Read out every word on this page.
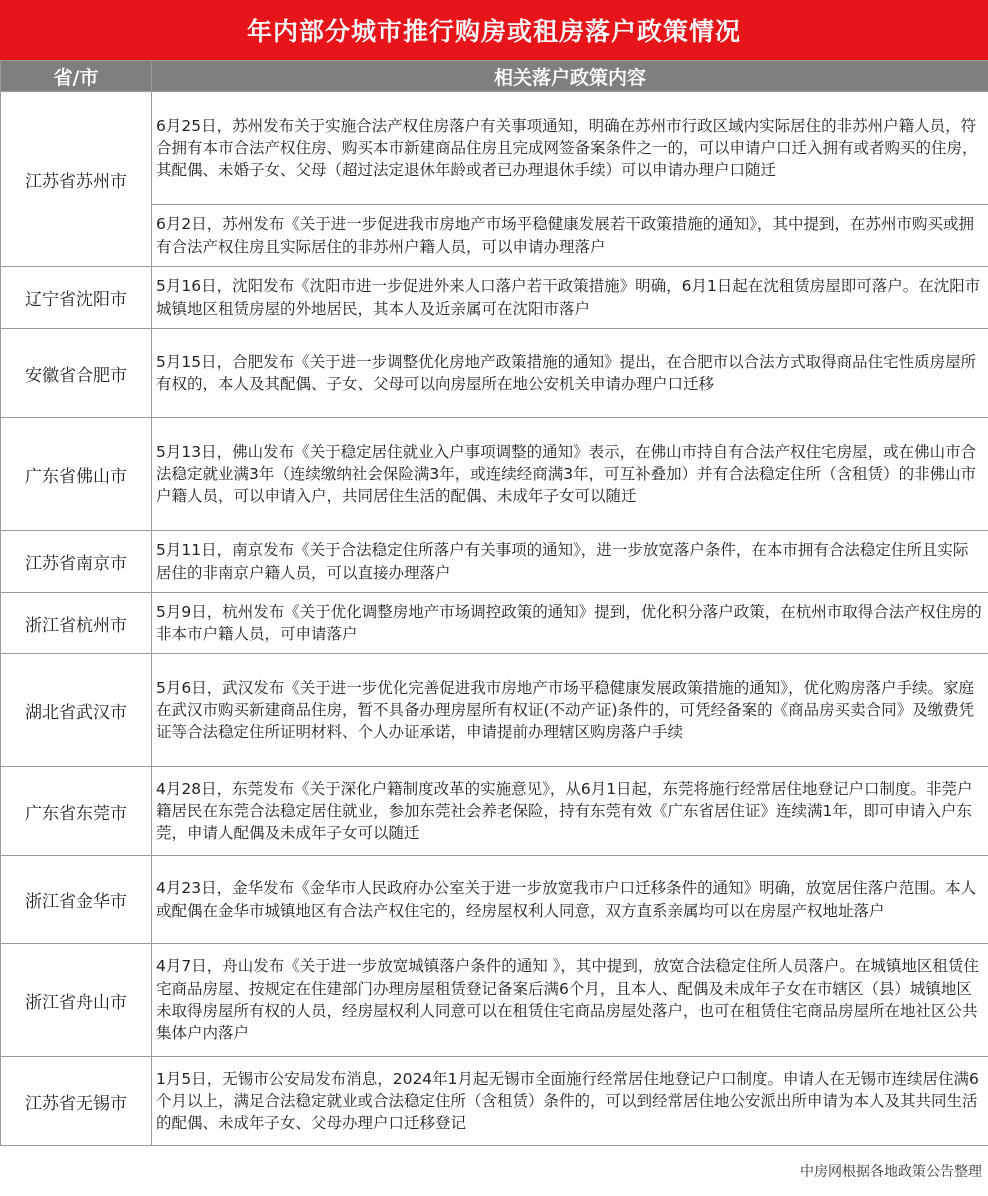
年内部分城市推行购房或租房落户政策情况
省/市	相关落户政策内容
江苏省苏州市	6月25日，苏州发布关于实施合法产权住房落户有关事项通知，明确在苏州市行政区域内实际居住的非苏州户籍人员，符合拥有本市合法产权住房、购买本市新建商品住房且完成网签备案条件之一的，可以申请户口迁入拥有或者购买的住房，其配偶、未婚子女、父母（超过法定退休年龄或者已办理退休手续）可以申请办理户口随迁
	6月2日，苏州发布《关于进一步促进我市房地产市场平稳健康发展若干政策措施的通知》，其中提到，在苏州市购买或拥有合法产权住房且实际居住的非苏州户籍人员，可以申请办理落户
辽宁省沈阳市	5月16日，沈阳发布《沈阳市进一步促进外来人口落户若干政策措施》明确，6月1日起在沈租赁房屋即可落户。在沈阳市城镇地区租赁房屋的外地居民，其本人及近亲属可在沈阳市落户
安徽省合肥市	5月15日，合肥发布《关于进一步调整优化房地产政策措施的通知》提出，在合肥市以合法方式取得商品住宅性质房屋所有权的，本人及其配偶、子女、父母可以向房屋所在地公安机关申请办理户口迁移
广东省佛山市	5月13日，佛山发布《关于稳定居住就业入户事项调整的通知》表示，在佛山市持自有合法产权住宅房屋，或在佛山市合法稳定就业满3年（连续缴纳社会保险满3年，或连续经商满3年，可互补叠加）并有合法稳定住所（含租赁）的非佛山市户籍人员，可以申请入户，共同居住生活的配偶、未成年子女可以随迁
江苏省南京市	5月11日，南京发布《关于合法稳定住所落户有关事项的通知》，进一步放宽落户条件，在本市拥有合法稳定住所且实际居住的非南京户籍人员，可以直接办理落户
浙江省杭州市	5月9日，杭州发布《关于优化调整房地产市场调控政策的通知》提到，优化积分落户政策，在杭州市取得合法产权住房的非本市户籍人员，可申请落户
湖北省武汉市	5月6日，武汉发布《关于进一步优化完善促进我市房地产市场平稳健康发展政策措施的通知》，优化购房落户手续。家庭在武汉市购买新建商品住房，暂不具备办理房屋所有权证(不动产证)条件的，可凭经备案的《商品房买卖合同》及缴费凭证等合法稳定住所证明材料、个人办证承诺，申请提前办理辖区购房落户手续
广东省东莞市	4月28日，东莞发布《关于深化户籍制度改革的实施意见》，从6月1日起，东莞将施行经常居住地登记户口制度。非莞户籍居民在东莞合法稳定居住就业，参加东莞社会养老保险，持有东莞有效《广东省居住证》连续满1年，即可申请入户东莞，申请人配偶及未成年子女可以随迁
浙江省金华市	4月23日，金华发布《金华市人民政府办公室关于进一步放宽我市户口迁移条件的通知》明确，放宽居住落户范围。本人或配偶在金华市城镇地区有合法产权住宅的，经房屋权利人同意，双方直系亲属均可以在房屋产权地址落户
浙江省舟山市	4月7日，舟山发布《关于进一步放宽城镇落户条件的通知 》，其中提到，放宽合法稳定住所人员落户。在城镇地区租赁住宅商品房屋、按规定在住建部门办理房屋租赁登记备案后满6个月，且本人、配偶及未成年子女在市辖区（县）城镇地区未取得房屋所有权的人员，经房屋权利人同意可以在租赁住宅商品房屋处落户，也可在租赁住宅商品房屋所在地社区公共集体户内落户
江苏省无锡市	1月5日，无锡市公安局发布消息，2024年1月起无锡市全面施行经常居住地登记户口制度。申请人在无锡市连续居住满6个月以上，满足合法稳定就业或合法稳定住所（含租赁）条件的，可以到经常居住地公安派出所申请为本人及其共同生活的配偶、未成年子女、父母办理户口迁移登记
中房网根据各地政策公告整理
